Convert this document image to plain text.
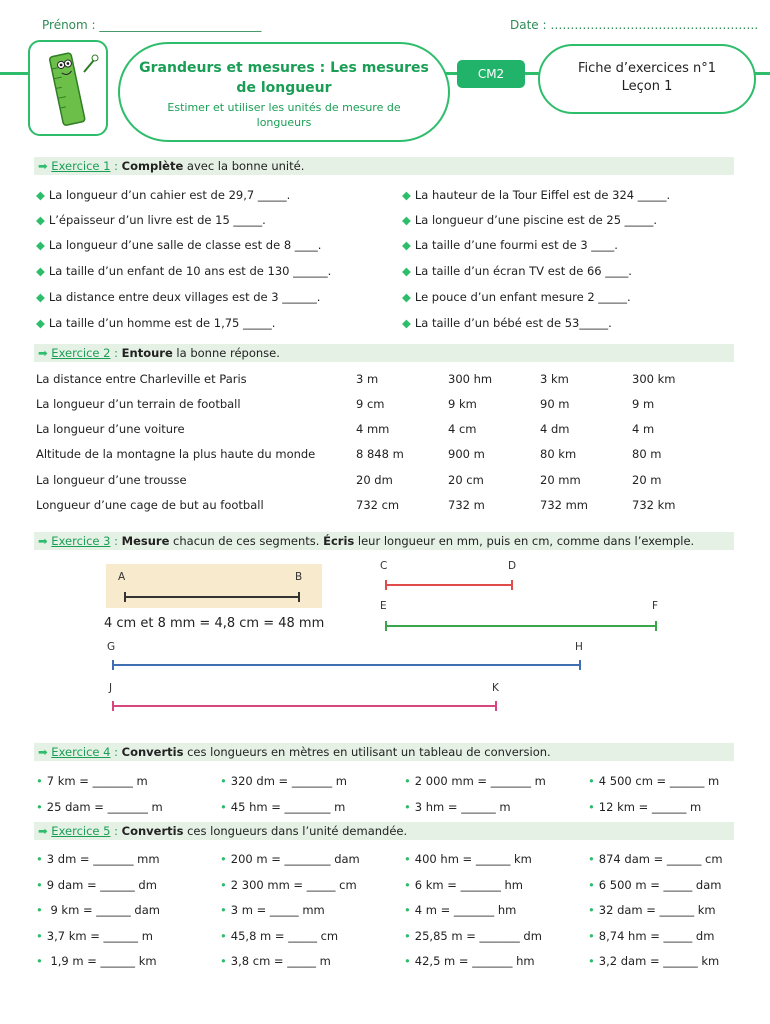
Prénom : ___________________________	Date : …………………………………………….
Grandeurs et mesures : Les mesures
de longueur
Estimer et utiliser les unités de mesure de
longueurs
CM2	Fiche d’exercices n°1
Leçon 1
➡ Exercice 1 : Complète avec la bonne unité.
◆ La longueur d’un cahier est de 29,7 _____.
◆ L’épaisseur d’un livre est de 15 _____.
◆ La longueur d’une salle de classe est de 8 ____.
◆ La taille d’un enfant de 10 ans est de 130 ______.
◆ La distance entre deux villages est de 3 ______.
◆ La taille d’un homme est de 1,75 _____.
◆ La hauteur de la Tour Eiffel est de 324 _____.
◆ La longueur d’une piscine est de 25 _____.
◆ La taille d’une fourmi est de 3 ____.
◆ La taille d’un écran TV est de 66 ____.
◆ Le pouce d’un enfant mesure 2 _____.
◆ La taille d’un bébé est de 53_____.
➡ Exercice 2 : Entoure la bonne réponse.
La distance entre Charleville et Paris	3 m	300 hm	3 km	300 km
La longueur d’un terrain de football	9 cm	9 km	90 m	9 m
La longueur d’une voiture	4 mm	4 cm	4 dm	4 m
Altitude de la montagne la plus haute du monde	8 848 m	900 m	80 km	80 m
La longueur d’une trousse	20 dm	20 cm	20 mm	20 m
Longueur d’une cage de but au football	732 cm	732 m	732 mm	732 km
➡ Exercice 3 : Mesure chacun de ces segments. Écris leur longueur en mm, puis en cm, comme dans l’exemple.
A	B
4 cm et 8 mm = 4,8 cm = 48 mm
C	D
E	F
G	H
J	K
➡ Exercice 4 : Convertis ces longueurs en mètres en utilisant un tableau de conversion.
• 7 km = _______ m	• 320 dm = _______ m	• 2 000 mm = _______ m	• 4 500 cm = ______ m
• 25 dam = _______ m	• 45 hm = ________ m	• 3 hm = ______ m	• 12 km = ______ m
➡ Exercice 5 : Convertis ces longueurs dans l’unité demandée.
• 3 dm = _______ mm	• 200 m = ________ dam	• 400 hm = ______ km	• 874 dam = ______ cm
• 9 dam = ______ dm	• 2 300 mm = _____ cm	• 6 km = _______ hm	• 6 500 m = _____ dam
• 9 km = ______ dam	• 3 m = _____ mm	• 4 m = _______ hm	• 32 dam = ______ km
• 3,7 km = ______ m	• 45,8 m = _____ cm	• 25,85 m = _______ dm	• 8,74 hm = _____ dm
• 1,9 m = ______ km	• 3,8 cm = _____ m	• 42,5 m = _______ hm	• 3,2 dam = ______ km
